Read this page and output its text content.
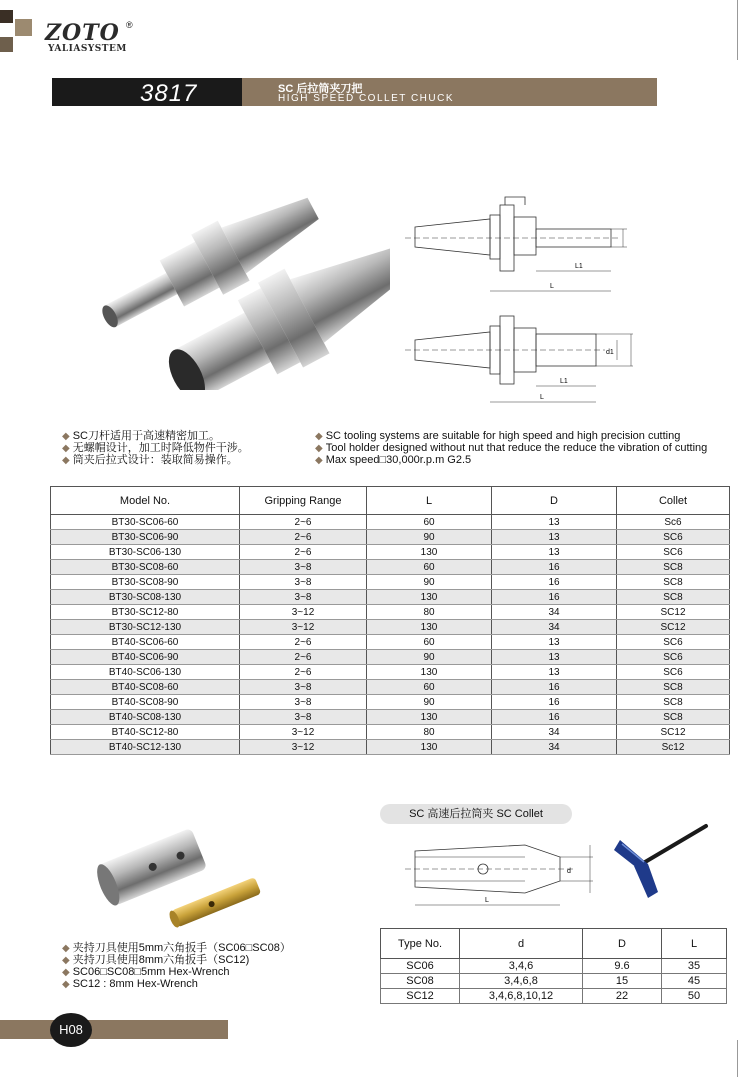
ZOTO ®
YALIASYSTEM
3817	SC 后拉筒夹刀把
HIGH SPEED COLLET CHUCK
L1
L
d1
L1
L
◆ SC刀杆适用于高速精密加工。
◆ 无螺帽设计，加工时降低物件干涉。
◆ 筒夹后拉式设计：装取简易操作。
◆ SC tooling systems are suitable for high speed and high precision cutting
◆ Tool holder designed without nut that reduce the reduce the vibration of cutting
◆ Max speed□30,000r.p.m G2.5
Model No.	Gripping Range	L	D	Collet
BT30-SC06-60	2~6	60	13	Sc6
BT30-SC06-90	2~6	90	13	SC6
BT30-SC06-130	2~6	130	13	SC6
BT30-SC08-60	3~8	60	16	SC8
BT30-SC08-90	3~8	90	16	SC8
BT30-SC08-130	3~8	130	16	SC8
BT30-SC12-80	3~12	80	34	SC12
BT30-SC12-130	3~12	130	34	SC12
BT40-SC06-60	2~6	60	13	SC6
BT40-SC06-90	2~6	90	13	SC6
BT40-SC06-130	2~6	130	13	SC6
BT40-SC08-60	3~8	60	16	SC8
BT40-SC08-90	3~8	90	16	SC8
BT40-SC08-130	3~8	130	16	SC8
BT40-SC12-80	3~12	80	34	SC12
BT40-SC12-130	3~12	130	34	Sc12
◆ 夹持刀具使用5mm六角扳手（SC06□SC08）
◆ 夹持刀具使用8mm六角扳手（SC12)
◆ SC06□SC08□5mm Hex-Wrench
◆ SC12 : 8mm Hex-Wrench
SC 高速后拉筒夹 SC Collet
d
L
Type No.	d	D	L
SC06	3,4,6	9.6	35
SC08	3,4,6,8	15	45
SC12	3,4,6,8,10,12	22	50
H08
